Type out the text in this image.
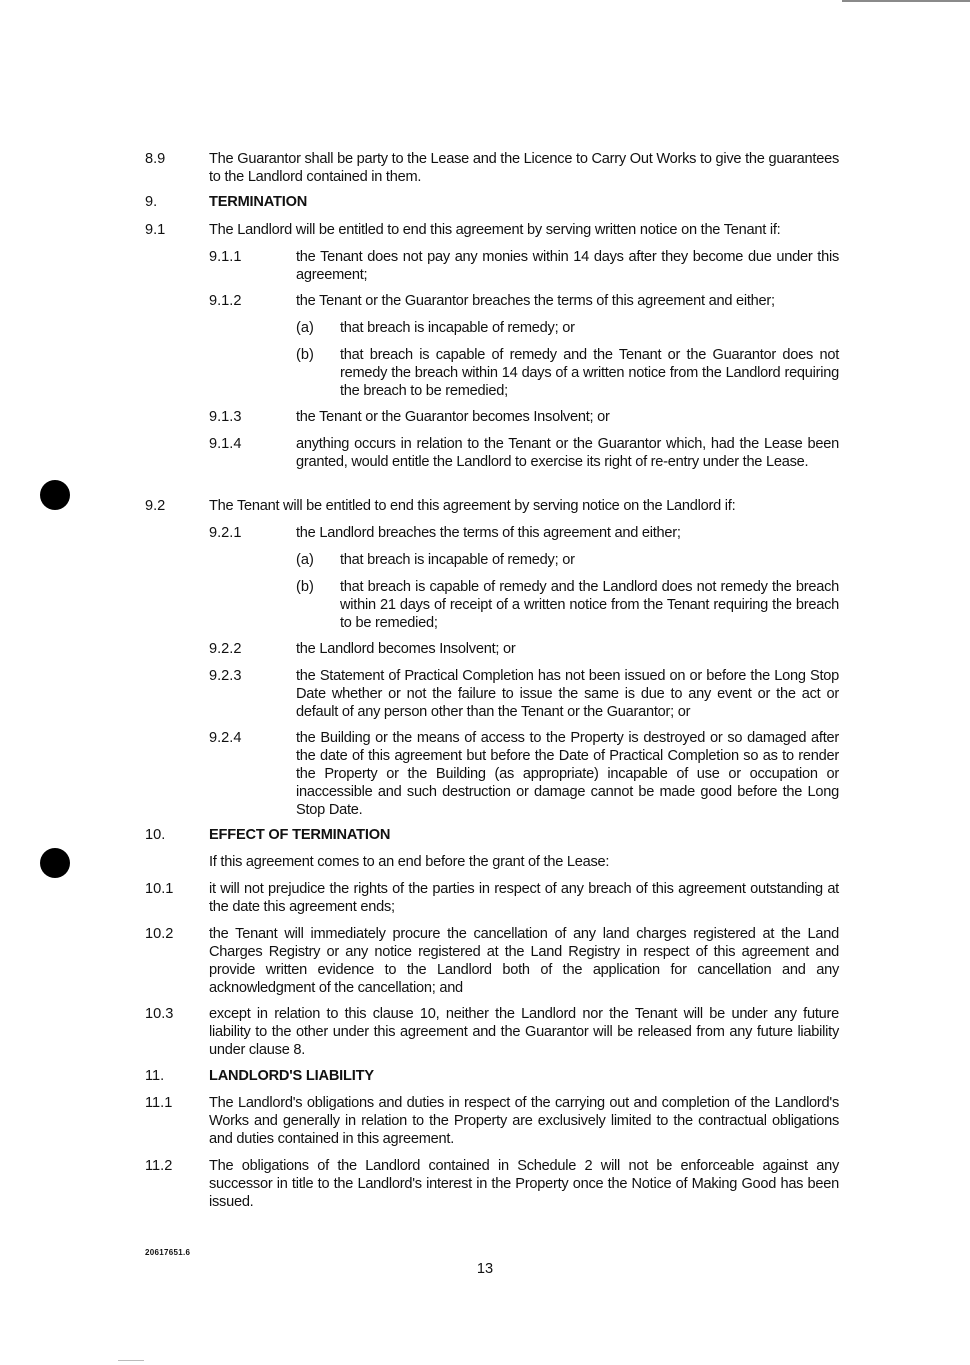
8.9	The Guarantor shall be party to the Lease and the Licence to Carry Out Works to give the guarantees to the Landlord contained in them.
9.	TERMINATION
9.1	The Landlord will be entitled to end this agreement by serving written notice on the Tenant if:
9.1.1	the Tenant does not pay any monies within 14 days after they become due under this agreement;
9.1.2	the Tenant or the Guarantor breaches the terms of this agreement and either;
(a) that breach is incapable of remedy; or
(b) that breach is capable of remedy and the Tenant or the Guarantor does not remedy the breach within 14 days of a written notice from the Landlord requiring the breach to be remedied;
9.1.3	the Tenant or the Guarantor becomes Insolvent; or
9.1.4	anything occurs in relation to the Tenant or the Guarantor which, had the Lease been granted, would entitle the Landlord to exercise its right of re-entry under the Lease.
9.2	The Tenant will be entitled to end this agreement by serving notice on the Landlord if:
9.2.1	the Landlord breaches the terms of this agreement and either;
(a) that breach is incapable of remedy; or
(b) that breach is capable of remedy and the Landlord does not remedy the breach within 21 days of receipt of a written notice from the Tenant requiring the breach to be remedied;
9.2.2	the Landlord becomes Insolvent; or
9.2.3	the Statement of Practical Completion has not been issued on or before the Long Stop Date whether or not the failure to issue the same is due to any event or the act or default of any person other than the Tenant or the Guarantor; or
9.2.4	the Building or the means of access to the Property is destroyed or so damaged after the date of this agreement but before the Date of Practical Completion so as to render the Property or the Building (as appropriate) incapable of use or occupation or inaccessible and such destruction or damage cannot be made good before the Long Stop Date.
10.	EFFECT OF TERMINATION
If this agreement comes to an end before the grant of the Lease:
10.1 it will not prejudice the rights of the parties in respect of any breach of this agreement outstanding at the date this agreement ends;
10.2 the Tenant will immediately procure the cancellation of any land charges registered at the Land Charges Registry or any notice registered at the Land Registry in respect of this agreement and provide written evidence to the Landlord both of the application for cancellation and any acknowledgment of the cancellation; and
10.3 except in relation to this clause 10, neither the Landlord nor the Tenant will be under any future liability to the other under this agreement and the Guarantor will be released from any future liability under clause 8.
11.	LANDLORD'S LIABILITY
11.1	The Landlord's obligations and duties in respect of the carrying out and completion of the Landlord's Works and generally in relation to the Property are exclusively limited to the contractual obligations and duties contained in this agreement.
11.2	The obligations of the Landlord contained in Schedule 2 will not be enforceable against any successor in title to the Landlord's interest in the Property once the Notice of Making Good has been issued.
20617651.6
13
